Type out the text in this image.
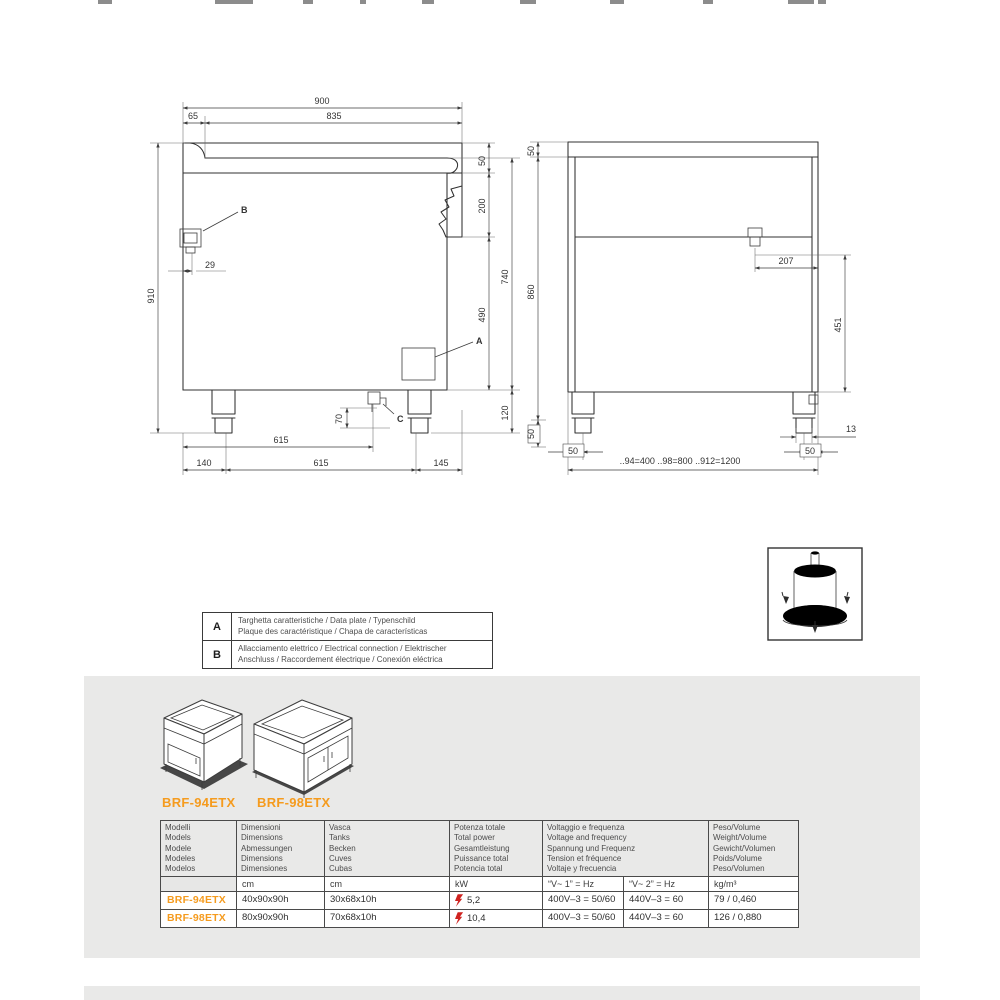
900
835
65
910
29
50
200
490
740
120
70
615
140	615	145
B
A
C
50
860
50
207
451
13
50	50
..94=400 ..98=800 ..912=1200
A	Targhetta caratteristiche / Data plate / Typenschild
Plaque des caractéristique / Chapa de características
B	Allacciamento elettrico / Electrical connection / Elektrischer
Anschluss / Raccordement électrique / Conexión eléctrica
BRF-94ETX BRF-98ETX
Modelli
Models
Modele
Modeles
Modelos

Dimensioni
Dimensions
Abmessungen
Dimensions
Dimensiones

Vasca
Tanks
Becken
Cuves
Cubas

Potenza totale
Total power
Gesamtleistung
Puissance total
Potencia total

Voltaggio e frequenza
Voltage and frequency
Spannung und Frequenz
Tension et fréquence
Voltaje y frecuencia

Peso/Volume
Weight/Volume
Gewicht/Volumen
Poids/Volume
Peso/Volumen

	cm	cm	kW	“V~ 1” = Hz	“V~ 2” = Hz	kg/m³
BRF-94ETX	40x90x90h	30x68x10h	5,2	400V–3 = 50/60	440V–3 = 60	79 / 0,460
BRF-98ETX	80x90x90h	70x68x10h	10,4	400V–3 = 50/60	440V–3 = 60	126 / 0,880
